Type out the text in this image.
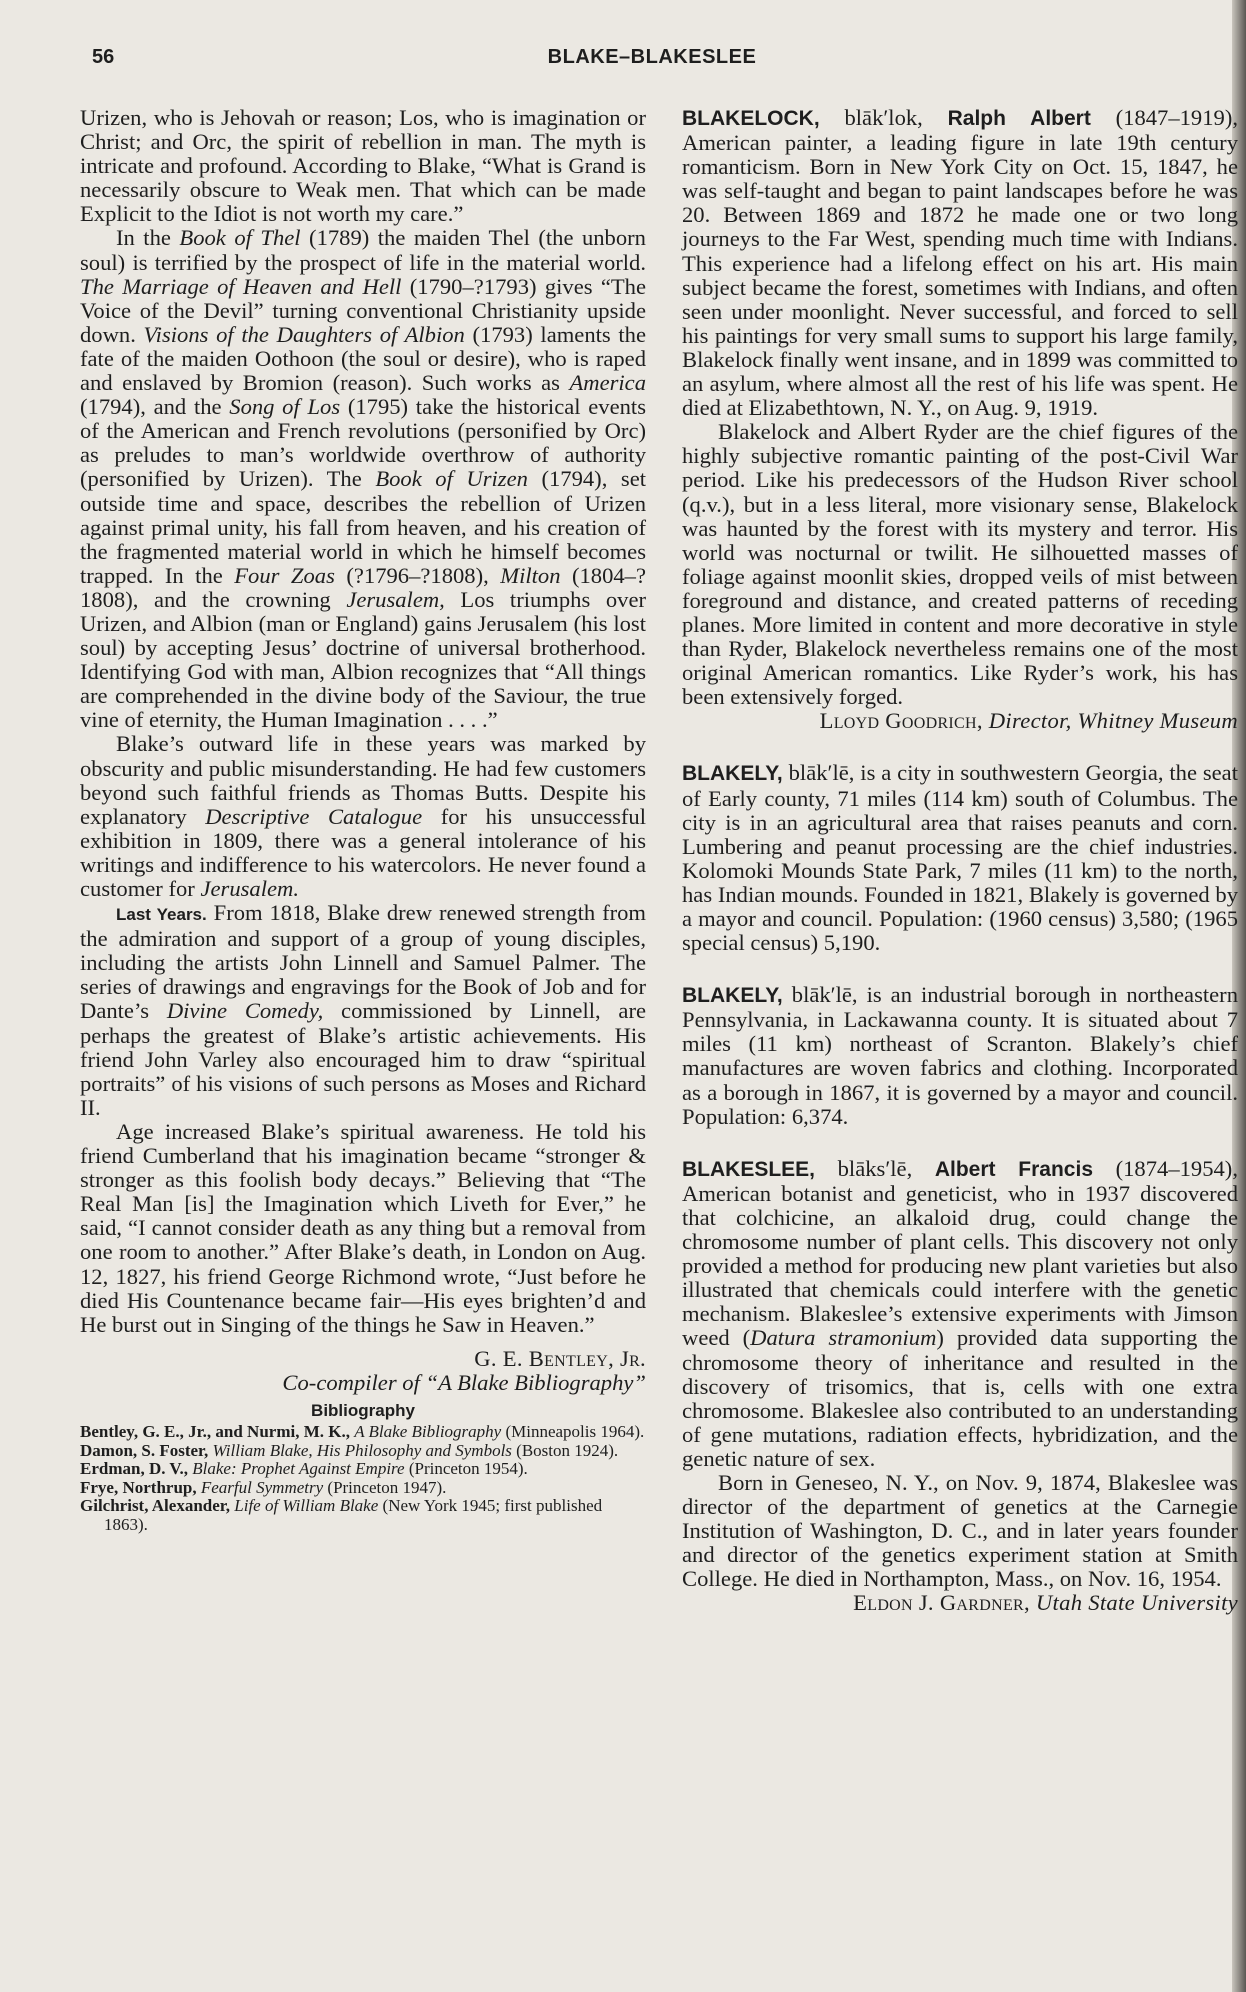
56	BLAKE–BLAKESLEE

Urizen, who is Jehovah or reason; Los, who is imagination or Christ; and Orc, the spirit of rebellion in man. The myth is intricate and profound. According to Blake, “What is Grand is necessarily obscure to Weak men. That which can be made Explicit to the Idiot is not worth my care.”

In the Book of Thel (1789) the maiden Thel (the unborn soul) is terrified by the prospect of life in the material world. The Marriage of Heaven and Hell (1790–?1793) gives “The Voice of the Devil” turning conventional Christianity upside down. Visions of the Daughters of Albion (1793) laments the fate of the maiden Oothoon (the soul or desire), who is raped and enslaved by Bromion (reason). Such works as America (1794), and the Song of Los (1795) take the historical events of the American and French revolutions (personified by Orc) as preludes to man’s worldwide overthrow of authority (personified by Urizen). The Book of Urizen (1794), set outside time and space, describes the rebellion of Urizen against primal unity, his fall from heaven, and his creation of the fragmented material world in which he himself becomes trapped. In the Four Zoas (?1796–?1808), Milton (1804–?1808), and the crowning Jerusalem, Los triumphs over Urizen, and Albion (man or England) gains Jerusalem (his lost soul) by accepting Jesus’ doctrine of universal brotherhood. Identifying God with man, Albion recognizes that “All things are comprehended in the divine body of the Saviour, the true vine of eternity, the Human Imagination . . . .”

Blake’s outward life in these years was marked by obscurity and public misunderstanding. He had few customers beyond such faithful friends as Thomas Butts. Despite his explanatory Descriptive Catalogue for his unsuccessful exhibition in 1809, there was a general intolerance of his writings and indifference to his watercolors. He never found a customer for Jerusalem.

Last Years. From 1818, Blake drew renewed strength from the admiration and support of a group of young disciples, including the artists John Linnell and Samuel Palmer. The series of drawings and engravings for the Book of Job and for Dante’s Divine Comedy, commissioned by Linnell, are perhaps the greatest of Blake’s artistic achievements. His friend John Varley also encouraged him to draw “spiritual portraits” of his visions of such persons as Moses and Richard II.

Age increased Blake’s spiritual awareness. He told his friend Cumberland that his imagination became “stronger & stronger as this foolish body decays.” Believing that “The Real Man [is] the Imagination which Liveth for Ever,” he said, “I cannot consider death as any thing but a removal from one room to another.” After Blake’s death, in London on Aug. 12, 1827, his friend George Richmond wrote, “Just before he died His Countenance became fair—His eyes brighten’d and He burst out in Singing of the things he Saw in Heaven.”

G. E. Bentley, Jr.

Co-compiler of “A Blake Bibliography”

Bibliography

Bentley, G. E., Jr., and Nurmi, M. K., A Blake Bibliography (Minneapolis 1964).

Damon, S. Foster, William Blake, His Philosophy and Symbols (Boston 1924).

Erdman, D. V., Blake: Prophet Against Empire (Princeton 1954).

Frye, Northrup, Fearful Symmetry (Princeton 1947).

Gilchrist, Alexander, Life of William Blake (New York 1945; first published 1863).

BLAKELOCK, blāk′lok, Ralph Albert (1847–1919), American painter, a leading figure in late 19th century romanticism. Born in New York City on Oct. 15, 1847, he was self-taught and began to paint landscapes before he was 20. Between 1869 and 1872 he made one or two long journeys to the Far West, spending much time with Indians. This experience had a lifelong effect on his art. His main subject became the forest, sometimes with Indians, and often seen under moonlight. Never successful, and forced to sell his paintings for very small sums to support his large family, Blakelock finally went insane, and in 1899 was committed to an asylum, where almost all the rest of his life was spent. He died at Elizabethtown, N. Y., on Aug. 9, 1919.

Blakelock and Albert Ryder are the chief figures of the highly subjective romantic painting of the post-Civil War period. Like his predecessors of the Hudson River school (q.v.), but in a less literal, more visionary sense, Blakelock was haunted by the forest with its mystery and terror. His world was nocturnal or twilit. He silhouetted masses of foliage against moonlit skies, dropped veils of mist between foreground and distance, and created patterns of receding planes. More limited in content and more decorative in style than Ryder, Blakelock nevertheless remains one of the most original American romantics. Like Ryder’s work, his has been extensively forged.

Lloyd Goodrich, Director, Whitney Museum

BLAKELY, blāk′lē, is a city in southwestern Georgia, the seat of Early county, 71 miles (114 km) south of Columbus. The city is in an agricultural area that raises peanuts and corn. Lumbering and peanut processing are the chief industries. Kolomoki Mounds State Park, 7 miles (11 km) to the north, has Indian mounds. Founded in 1821, Blakely is governed by a mayor and council. Population: (1960 census) 3,580; (1965 special census) 5,190.

BLAKELY, blāk′lē, is an industrial borough in northeastern Pennsylvania, in Lackawanna county. It is situated about 7 miles (11 km) northeast of Scranton. Blakely’s chief manufactures are woven fabrics and clothing. Incorporated as a borough in 1867, it is governed by a mayor and council. Population: 6,374.

BLAKESLEE, blāks′lē, Albert Francis (1874–1954), American botanist and geneticist, who in 1937 discovered that colchicine, an alkaloid drug, could change the chromosome number of plant cells. This discovery not only provided a method for producing new plant varieties but also illustrated that chemicals could interfere with the genetic mechanism. Blakeslee’s extensive experiments with Jimson weed (Datura stramonium) provided data supporting the chromosome theory of inheritance and resulted in the discovery of trisomics, that is, cells with one extra chromosome. Blakeslee also contributed to an understanding of gene mutations, radiation effects, hybridization, and the genetic nature of sex.

Born in Geneseo, N. Y., on Nov. 9, 1874, Blakeslee was director of the department of genetics at the Carnegie Institution of Washington, D. C., and in later years founder and director of the genetics experiment station at Smith College. He died in Northampton, Mass., on Nov. 16, 1954.

Eldon J. Gardner, Utah State University
